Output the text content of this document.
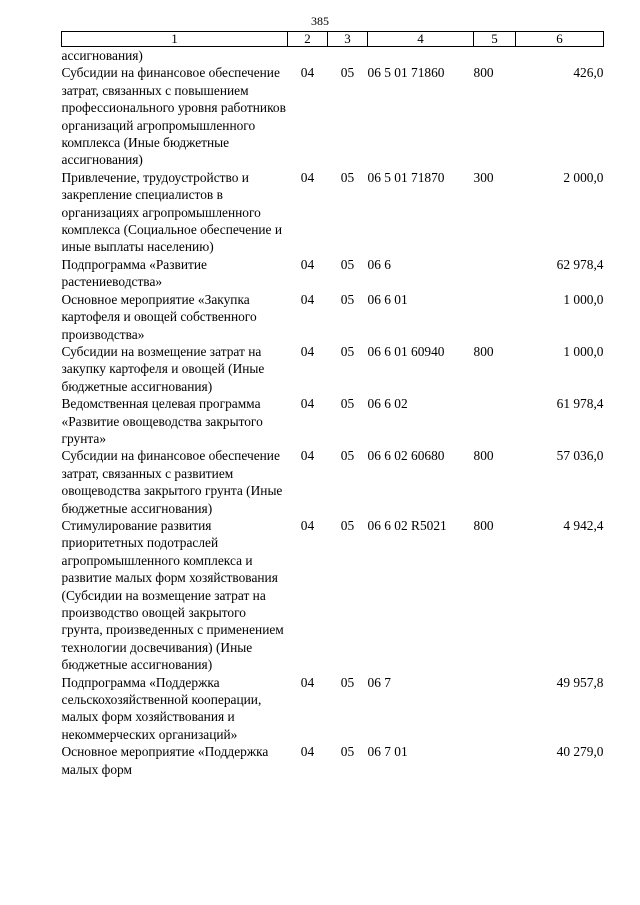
385
1	2	3	4	5	6
ассигнования)					
Субсидии на финансовое обеспечение затрат, связанных с повышением профессионального уровня работников организаций агропромышленного комплекса (Иные бюджетные ассигнования)	04	05	06 5 01 71860	800	426,0
Привлечение, трудоустройство и закрепление специалистов в организациях агропромышленного комплекса (Социальное обеспечение и иные выплаты населению)	04	05	06 5 01 71870	300	2 000,0
Подпрограмма «Развитие растениеводства»	04	05	06 6		62 978,4
Основное мероприятие «Закупка картофеля и овощей собственного производства»	04	05	06 6 01		1 000,0
Субсидии на возмещение затрат на закупку картофеля и овощей (Иные бюджетные ассигнования)	04	05	06 6 01 60940	800	1 000,0
Ведомственная целевая программа «Развитие овощеводства закрытого грунта»	04	05	06 6 02		61 978,4
Субсидии на финансовое обеспечение затрат, связанных с развитием овощеводства закрытого грунта (Иные бюджетные ассигнования)	04	05	06 6 02 60680	800	57 036,0
Стимулирование развития приоритетных подотраслей агропромышленного комплекса и развитие малых форм хозяйствования (Субсидии на возмещение затрат на производство овощей закрытого грунта, произведенных с применением технологии досвечивания) (Иные бюджетные ассигнования)	04	05	06 6 02 R5021	800	4 942,4
Подпрограмма «Поддержка сельскохозяйственной кооперации, малых форм хозяйствования и некоммерческих организаций»	04	05	06 7		49 957,8
Основное мероприятие «Поддержка малых форм	04	05	06 7 01		40 279,0
